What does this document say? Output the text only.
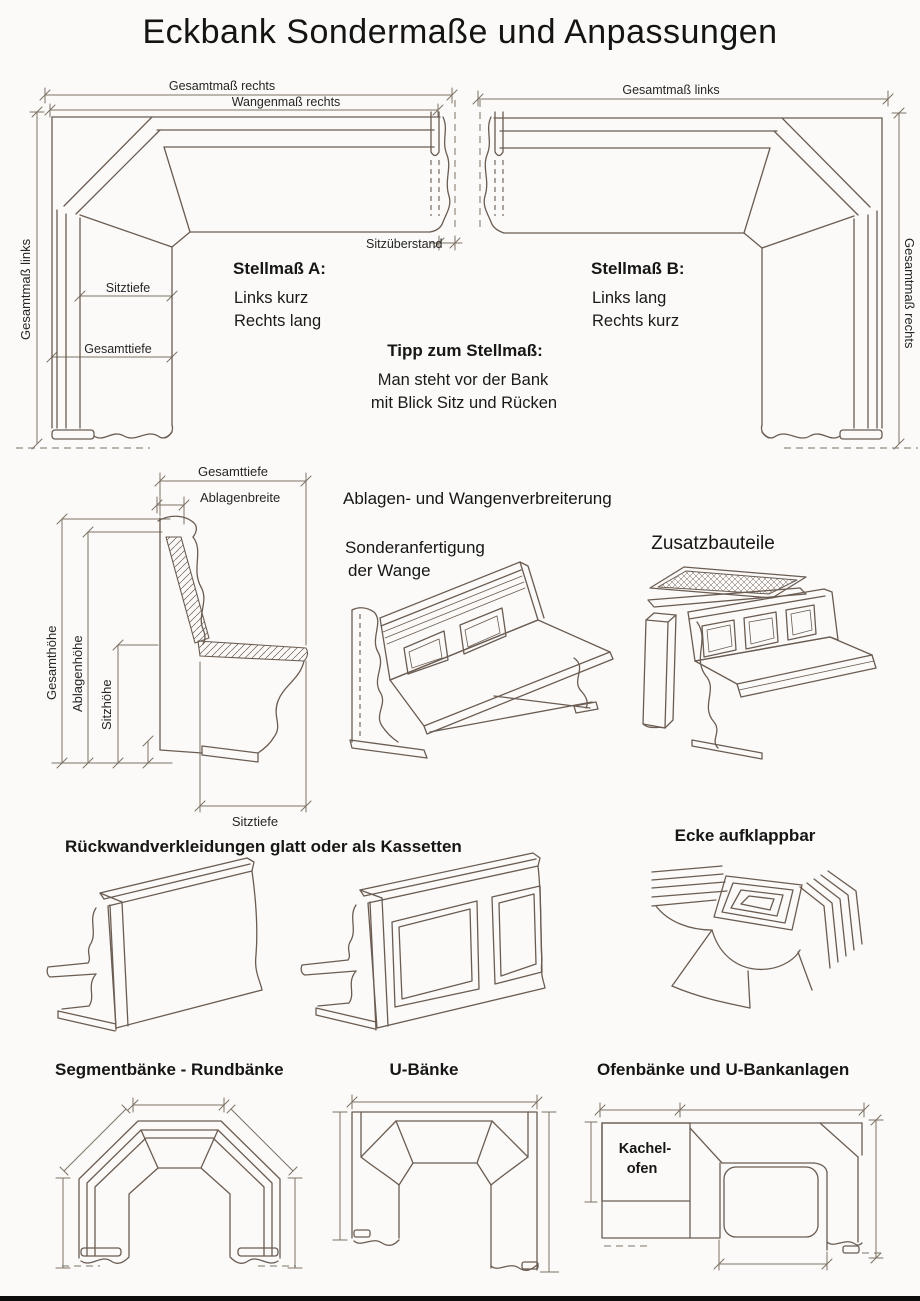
Eckbank Sondermaße und Anpassungen
Gesamtmaß rechts
Wangenmaß rechts
Gesamtmaß links	Sitztiefe
Gesamttiefe
Sitzüberstand
Gesamtmaß links
Gesamtmaß rechts
Stellmaß A:
Links kurz
Rechts lang
Stellmaß B:
Links lang
Rechts kurz
Tipp zum Stellmaß:
Man steht vor der Bank
mit Blick Sitz und Rücken
Gesamttiefe
Ablagenbreite
Gesamthöhe Ablagenhöhe Sitzhöhe
Sitztiefe
Ablagen- und Wangenverbreiterung
Sonderanfertigung
der Wange
Zusatzbauteile
Rückwandverkleidungen glatt oder als Kassetten
Ecke aufklappbar
Segmentbänke - Rundbänke	U-Bänke	Ofenbänke und U-Bankanlagen
Kachel-
ofen
